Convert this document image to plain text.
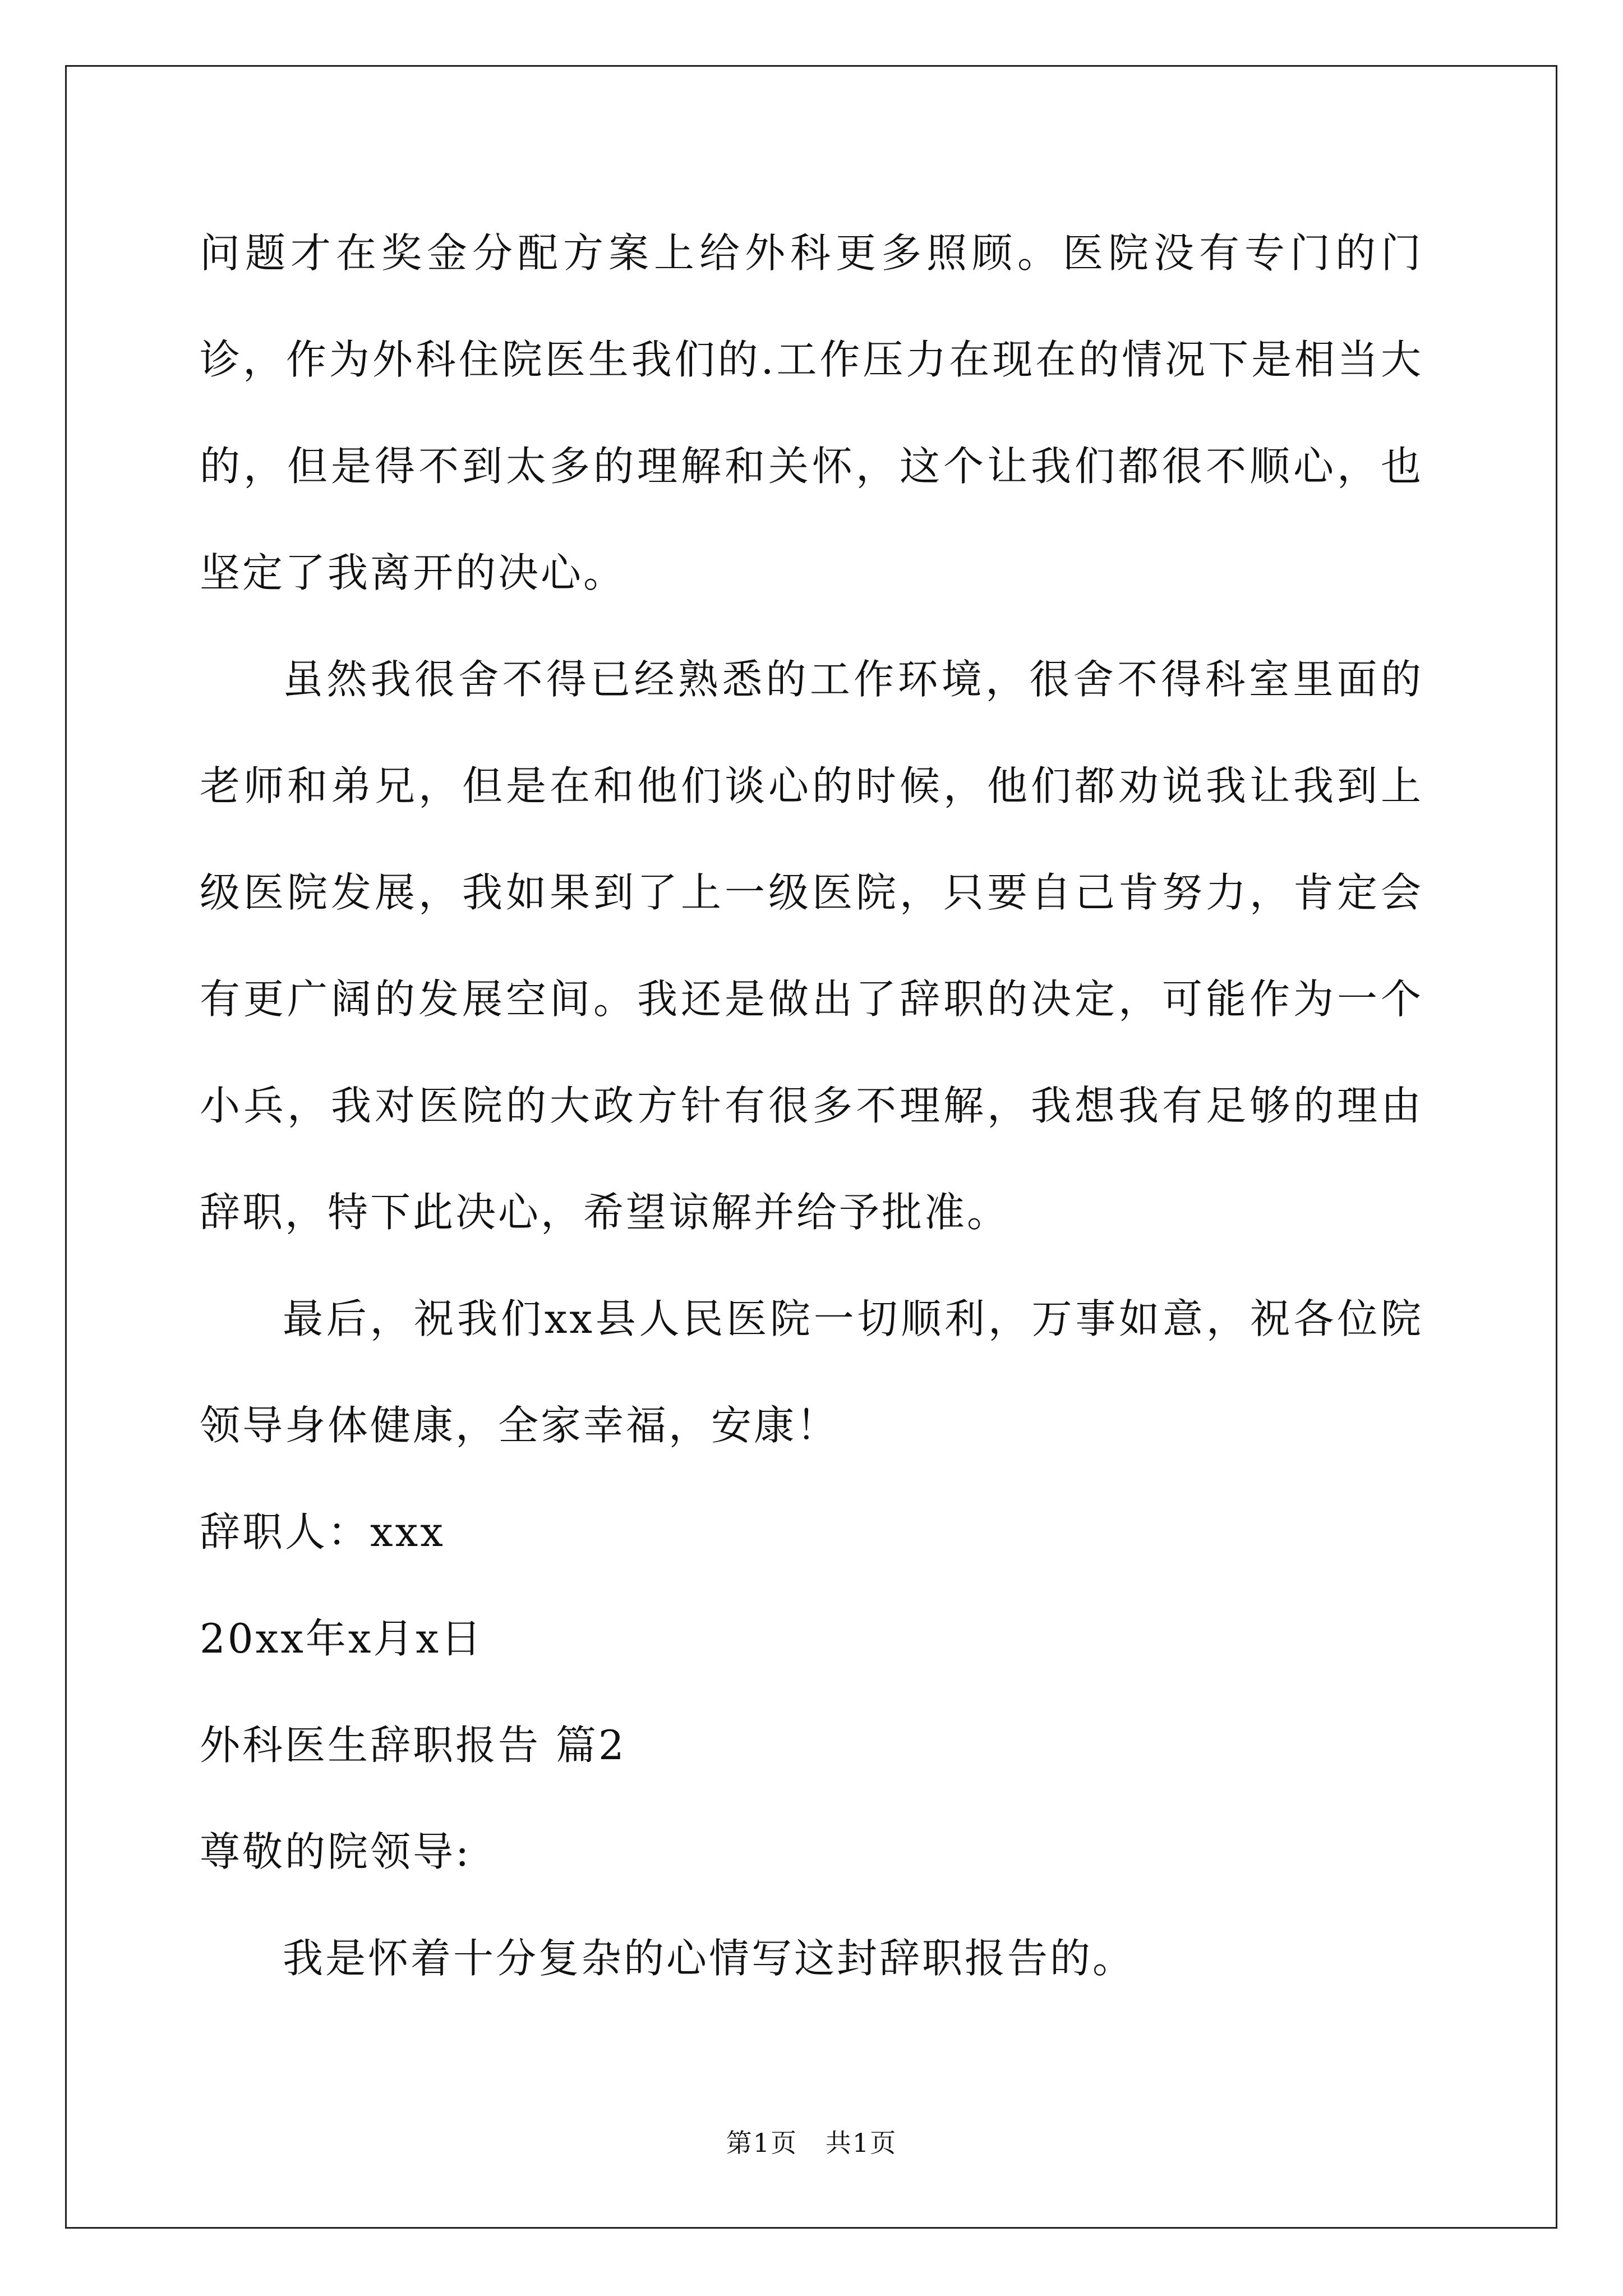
问题才在奖金分配方案上给外科更多照顾。医院没有专门的门诊，作为外科住院医生我们的.工作压力在现在的情况下是相当大的，但是得不到太多的理解和关怀，这个让我们都很不顺心，也坚定了我离开的决心。

虽然我很舍不得已经熟悉的工作环境，很舍不得科室里面的老师和弟兄，但是在和他们谈心的时候，他们都劝说我让我到上级医院发展，我如果到了上一级医院，只要自己肯努力，肯定会有更广阔的发展空间。我还是做出了辞职的决定，可能作为一个小兵，我对医院的大政方针有很多不理解，我想我有足够的理由辞职，特下此决心，希望谅解并给予批准。

最后，祝我们xx县人民医院一切顺利，万事如意，祝各位院领导身体健康，全家幸福，安康！

辞职人：xxx

20xx年x月x日

外科医生辞职报告 篇2

尊敬的院领导:

我是怀着十分复杂的心情写这封辞职报告的。

第1页   共1页
